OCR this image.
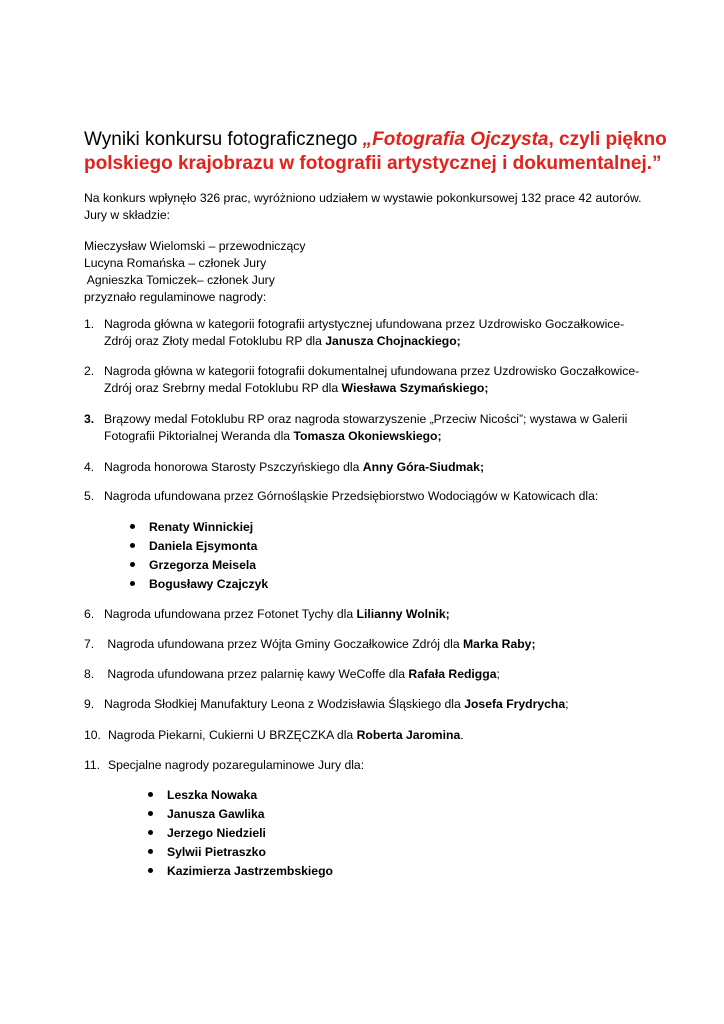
Wyniki konkursu fotograficznego „Fotografia Ojczysta, czyli piękno polskiego krajobrazu w fotografii artystycznej i dokumentalnej.”
Na konkurs wpłynęło 326 prac, wyróżniono udziałem w wystawie pokonkursowej 132 prace 42 autorów.
Jury w składzie:
Mieczysław Wielomski – przewodniczący
Lucyna Romańska – członek Jury
Agnieszka Tomiczek– członek Jury
przyznało regulaminowe nagrody:
1. Nagroda główna w kategorii fotografii artystycznej ufundowana przez Uzdrowisko Goczałkowice-Zdrój oraz Złoty medal Fotoklubu RP dla Janusza Chojnackiego;
2. Nagroda główna w kategorii fotografii dokumentalnej ufundowana przez Uzdrowisko Goczałkowice-Zdrój oraz Srebrny medal Fotoklubu RP dla Wiesława Szymańskiego;
3. Brązowy medal Fotoklubu RP oraz nagroda stowarzyszenie „Przeciw Nicości”; wystawa w Galerii Fotografii Piktorialnej Weranda dla Tomasza Okoniewskiego;
4. Nagroda honorowa Starosty Pszczyńskiego dla Anny Góra-Siudmak;
5. Nagroda ufundowana przez Górnośląskie Przedsiębiorstwo Wodociągów w Katowicach dla:
Renaty Winnickiej
Daniela Ejsymonta
Grzegorza Meisela
Bogusławy Czajczyk
6. Nagroda ufundowana przez Fotonet Tychy dla Lilianny Wolnik;
7. Nagroda ufundowana przez Wójta Gminy Goczałkowice Zdrój dla Marka Raby;
8. Nagroda ufundowana przez palarnię kawy WeCoffe dla Rafała Redigga;
9. Nagroda Słodkiej Manufaktury Leona z Wodzisławia Śląskiego dla Josefa Frydrycha;
10. Nagroda Piekarni, Cukierni U BRZĘCZKA dla Roberta Jaromina.
11. Specjalne nagrody pozaregulaminowe Jury dla:
Leszka Nowaka
Janusza Gawlika
Jerzego Niedzieli
Sylwii Pietraszko
Kazimierza Jastrzembskiego
